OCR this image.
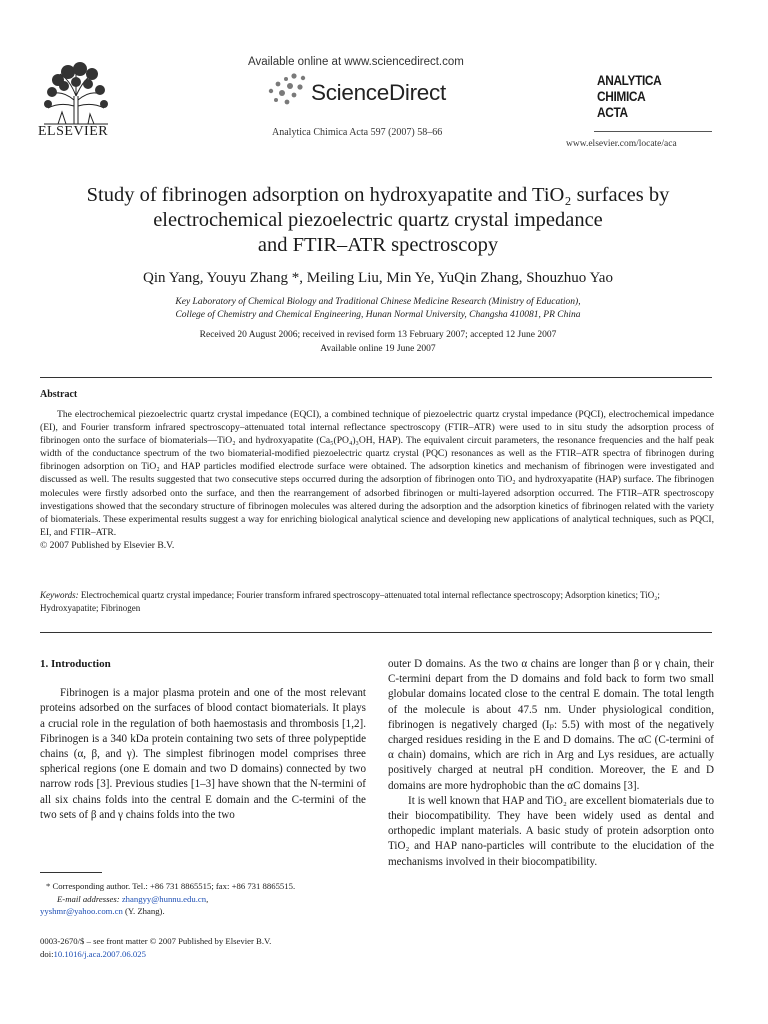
ELSEVIER
Available online at www.sciencedirect.com
ScienceDirect
Analytica Chimica Acta 597 (2007) 58–66
ANALYTICA
CHIMICA
ACTA
www.elsevier.com/locate/aca
Study of fibrinogen adsorption on hydroxyapatite and TiO₂ surfaces by
electrochemical piezoelectric quartz crystal impedance
and FTIR–ATR spectroscopy
Qin Yang, Youyu Zhang *, Meiling Liu, Min Ye, YuQin Zhang, Shouzhuo Yao
Key Laboratory of Chemical Biology and Traditional Chinese Medicine Research (Ministry of Education),
College of Chemistry and Chemical Engineering, Hunan Normal University, Changsha 410081, PR China
Received 20 August 2006; received in revised form 13 February 2007; accepted 12 June 2007
Available online 19 June 2007
Abstract

The electrochemical piezoelectric quartz crystal impedance (EQCI), a combined technique of piezoelectric quartz crystal impedance (PQCI), electrochemical impedance (EI), and Fourier transform infrared spectroscopy–attenuated total internal reflectance spectroscopy (FTIR–ATR) were used to in situ study the adsorption process of fibrinogen onto the surface of biomaterials—TiO₂ and hydroxyapatite (Ca₅(PO₄)₃OH, HAP). The equivalent circuit parameters, the resonance frequencies and the half peak width of the conductance spectrum of the two biomaterial-modified piezoelectric quartz crystal (PQC) resonances as well as the FTIR–ATR spectra of fibrinogen during fibrinogen adsorption on TiO₂ and HAP particles modified electrode surface were obtained. The adsorption kinetics and mechanism of fibrinogen were investigated and discussed as well. The results suggested that two consecutive steps occurred during the adsorption of fibrinogen onto TiO₂ and hydroxyapatite (HAP) surface. The fibrinogen molecules were firstly adsorbed onto the surface, and then the rearrangement of adsorbed fibrinogen or multi-layered adsorption occurred. The FTIR–ATR spectroscopy investigations showed that the secondary structure of fibrinogen molecules was altered during the adsorption and the adsorption kinetics of fibrinogen related with the variety of biomaterials. These experimental results suggest a way for enriching biological analytical science and developing new applications of analytical techniques, such as PQCI, EI, and FTIR–ATR.

© 2007 Published by Elsevier B.V.

Keywords: Electrochemical quartz crystal impedance; Fourier transform infrared spectroscopy–attenuated total internal reflectance spectroscopy; Adsorption kinetics; TiO₂; Hydroxyapatite; Fibrinogen

1. Introduction

Fibrinogen is a major plasma protein and one of the most relevant proteins adsorbed on the surfaces of blood contact biomaterials. It plays a crucial role in the regulation of both haemostasis and thrombosis [1,2]. Fibrinogen is a 340 kDa protein containing two sets of three polypeptide chains (α, β, and γ). The simplest fibrinogen model comprises three spherical regions (one E domain and two D domains) connected by two narrow rods [3]. Previous studies [1–3] have shown that the N-termini of all six chains folds into the central E domain and the C-termini of the two sets of β and γ chains folds into the two

outer D domains. As the two α chains are longer than β or γ chain, their C-termini depart from the D domains and fold back to form two small globular domains located close to the central E domain. The total length of the molecule is about 47.5 nm. Under physiological condition, fibrinogen is negatively charged (Iₚ: 5.5) with most of the negatively charged residues residing in the E and D domains. The αC (C-termini of α chain) domains, which are rich in Arg and Lys residues, are actually positively charged at neutral pH condition. Moreover, the E and D domains are more hydrophobic than the αC domains [3].

It is well known that HAP and TiO₂ are excellent biomaterials due to their biocompatibility. They have been widely used as dental and orthopedic implant materials. A basic study of protein adsorption onto TiO₂ and HAP nano-particles will contribute to the elucidation of the mechanisms involved in their biocompatibility.

* Corresponding author. Tel.: +86 731 8865515; fax: +86 731 8865515.
E-mail addresses: zhangyy@hunnu.edu.cn,
yyshmr@yahoo.com.cn (Y. Zhang).
0003-2670/$ – see front matter © 2007 Published by Elsevier B.V.
doi:10.1016/j.aca.2007.06.025
